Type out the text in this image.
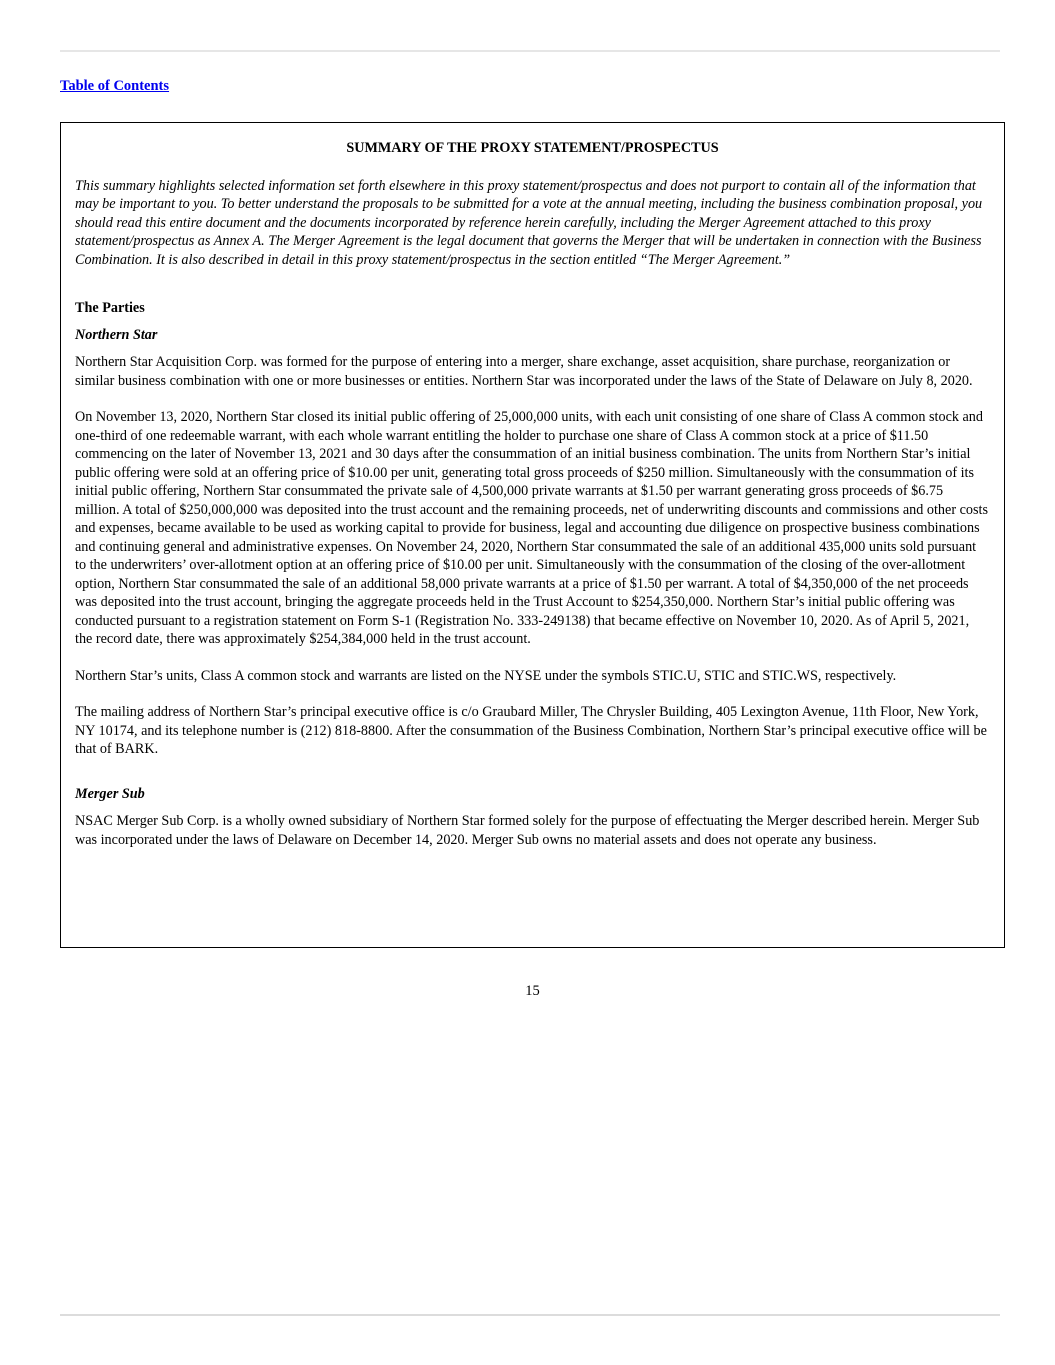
Table of Contents

SUMMARY OF THE PROXY STATEMENT/PROSPECTUS

This summary highlights selected information set forth elsewhere in this proxy statement/prospectus and does not purport to contain all of the information that may be important to you. To better understand the proposals to be submitted for a vote at the annual meeting, including the business combination proposal, you should read this entire document and the documents incorporated by reference herein carefully, including the Merger Agreement attached to this proxy statement/prospectus as Annex A. The Merger Agreement is the legal document that governs the Merger that will be undertaken in connection with the Business Combination. It is also described in detail in this proxy statement/prospectus in the section entitled “The Merger Agreement.”

The Parties

Northern Star

Northern Star Acquisition Corp. was formed for the purpose of entering into a merger, share exchange, asset acquisition, share purchase, reorganization or similar business combination with one or more businesses or entities. Northern Star was incorporated under the laws of the State of Delaware on July 8, 2020.

On November 13, 2020, Northern Star closed its initial public offering of 25,000,000 units, with each unit consisting of one share of Class A common stock and one-third of one redeemable warrant, with each whole warrant entitling the holder to purchase one share of Class A common stock at a price of $11.50 commencing on the later of November 13, 2021 and 30 days after the consummation of an initial business combination. The units from Northern Star’s initial public offering were sold at an offering price of $10.00 per unit, generating total gross proceeds of $250 million. Simultaneously with the consummation of its initial public offering, Northern Star consummated the private sale of 4,500,000 private warrants at $1.50 per warrant generating gross proceeds of $6.75 million. A total of $250,000,000 was deposited into the trust account and the remaining proceeds, net of underwriting discounts and commissions and other costs and expenses, became available to be used as working capital to provide for business, legal and accounting due diligence on prospective business combinations and continuing general and administrative expenses. On November 24, 2020, Northern Star consummated the sale of an additional 435,000 units sold pursuant to the underwriters’ over-allotment option at an offering price of $10.00 per unit. Simultaneously with the consummation of the closing of the over-allotment option, Northern Star consummated the sale of an additional 58,000 private warrants at a price of $1.50 per warrant. A total of $4,350,000 of the net proceeds was deposited into the trust account, bringing the aggregate proceeds held in the Trust Account to $254,350,000. Northern Star’s initial public offering was conducted pursuant to a registration statement on Form S-1 (Registration No. 333-249138) that became effective on November 10, 2020. As of April 5, 2021, the record date, there was approximately $254,384,000 held in the trust account.

Northern Star’s units, Class A common stock and warrants are listed on the NYSE under the symbols STIC.U, STIC and STIC.WS, respectively.

The mailing address of Northern Star’s principal executive office is c/o Graubard Miller, The Chrysler Building, 405 Lexington Avenue, 11th Floor, New York, NY 10174, and its telephone number is (212) 818-8800. After the consummation of the Business Combination, Northern Star’s principal executive office will be that of BARK.

Merger Sub

NSAC Merger Sub Corp. is a wholly owned subsidiary of Northern Star formed solely for the purpose of effectuating the Merger described herein. Merger Sub was incorporated under the laws of Delaware on December 14, 2020. Merger Sub owns no material assets and does not operate any business.

15
